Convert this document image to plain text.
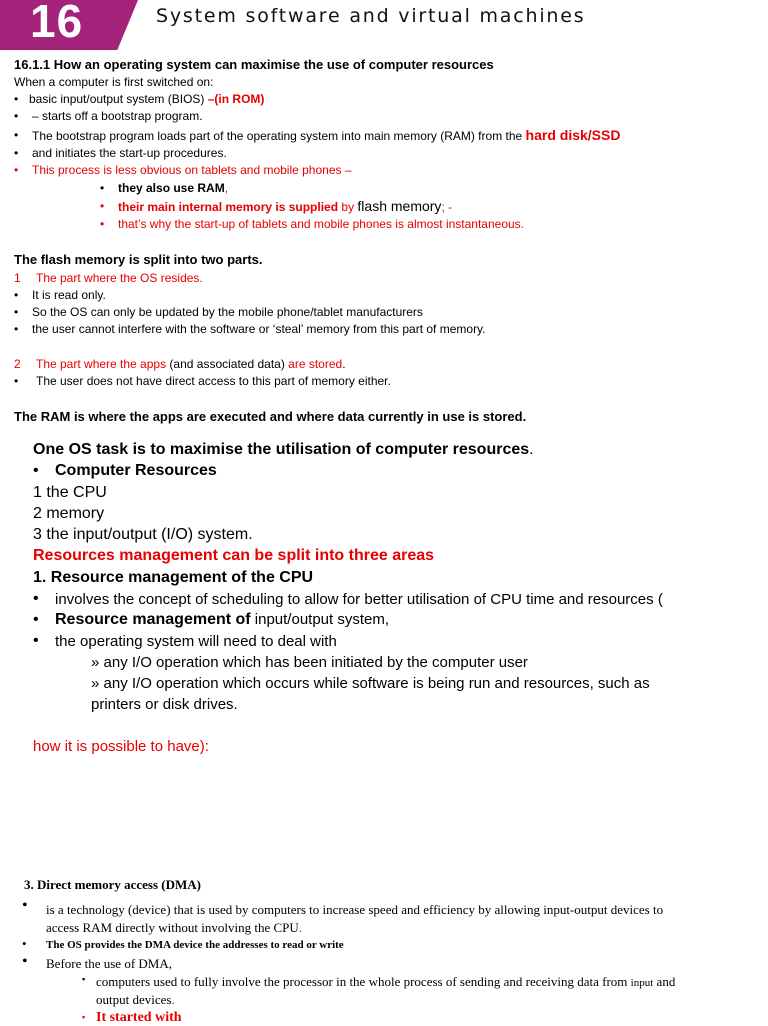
16	System software and virtual machines
16.1.1 How an operating system can maximise the use of computer resources
When a computer is first switched on:
• basic input/output system (BIOS) –(in ROM)
• – starts off a bootstrap program.
• The bootstrap program loads part of the operating system into main memory (RAM) from the hard disk/SSD
• and initiates the start-up procedures.
• This process is less obvious on tablets and mobile phones –
• they also use RAM,
• their main internal memory is supplied by flash memory; -
• that’s why the start-up of tablets and mobile phones is almost instantaneous.
The flash memory is split into two parts.
1 The part where the OS resides.
• It is read only.
• So the OS can only be updated by the mobile phone/tablet manufacturers
• the user cannot interfere with the software or ‘steal’ memory from this part of memory.
2 The part where the apps (and associated data) are stored.
• The user does not have direct access to this part of memory either.
The RAM is where the apps are executed and where data currently in use is stored.
One OS task is to maximise the utilisation of computer resources.
• Computer Resources
1 the CPU
2 memory
3 the input/output (I/O) system.
Resources management can be split into three areas
1. Resource management of the CPU
• involves the concept of scheduling to allow for better utilisation of CPU time and resources (
• Resource management of input/output system,
• the operating system will need to deal with
» any I/O operation which has been initiated by the computer user
» any I/O operation which occurs while software is being run and resources, such as
printers or disk drives.
how it is possible to have):
3. Direct memory access (DMA)
• is a technology (device) that is used by computers to increase speed and efficiency by allowing input-output devices to
access RAM directly without involving the CPU.
• The OS provides the DMA device the addresses to read or write
• Before the use of DMA,
▪ computers used to fully involve the processor in the whole process of sending and receiving data from input and
output devices.
▪ It started with
